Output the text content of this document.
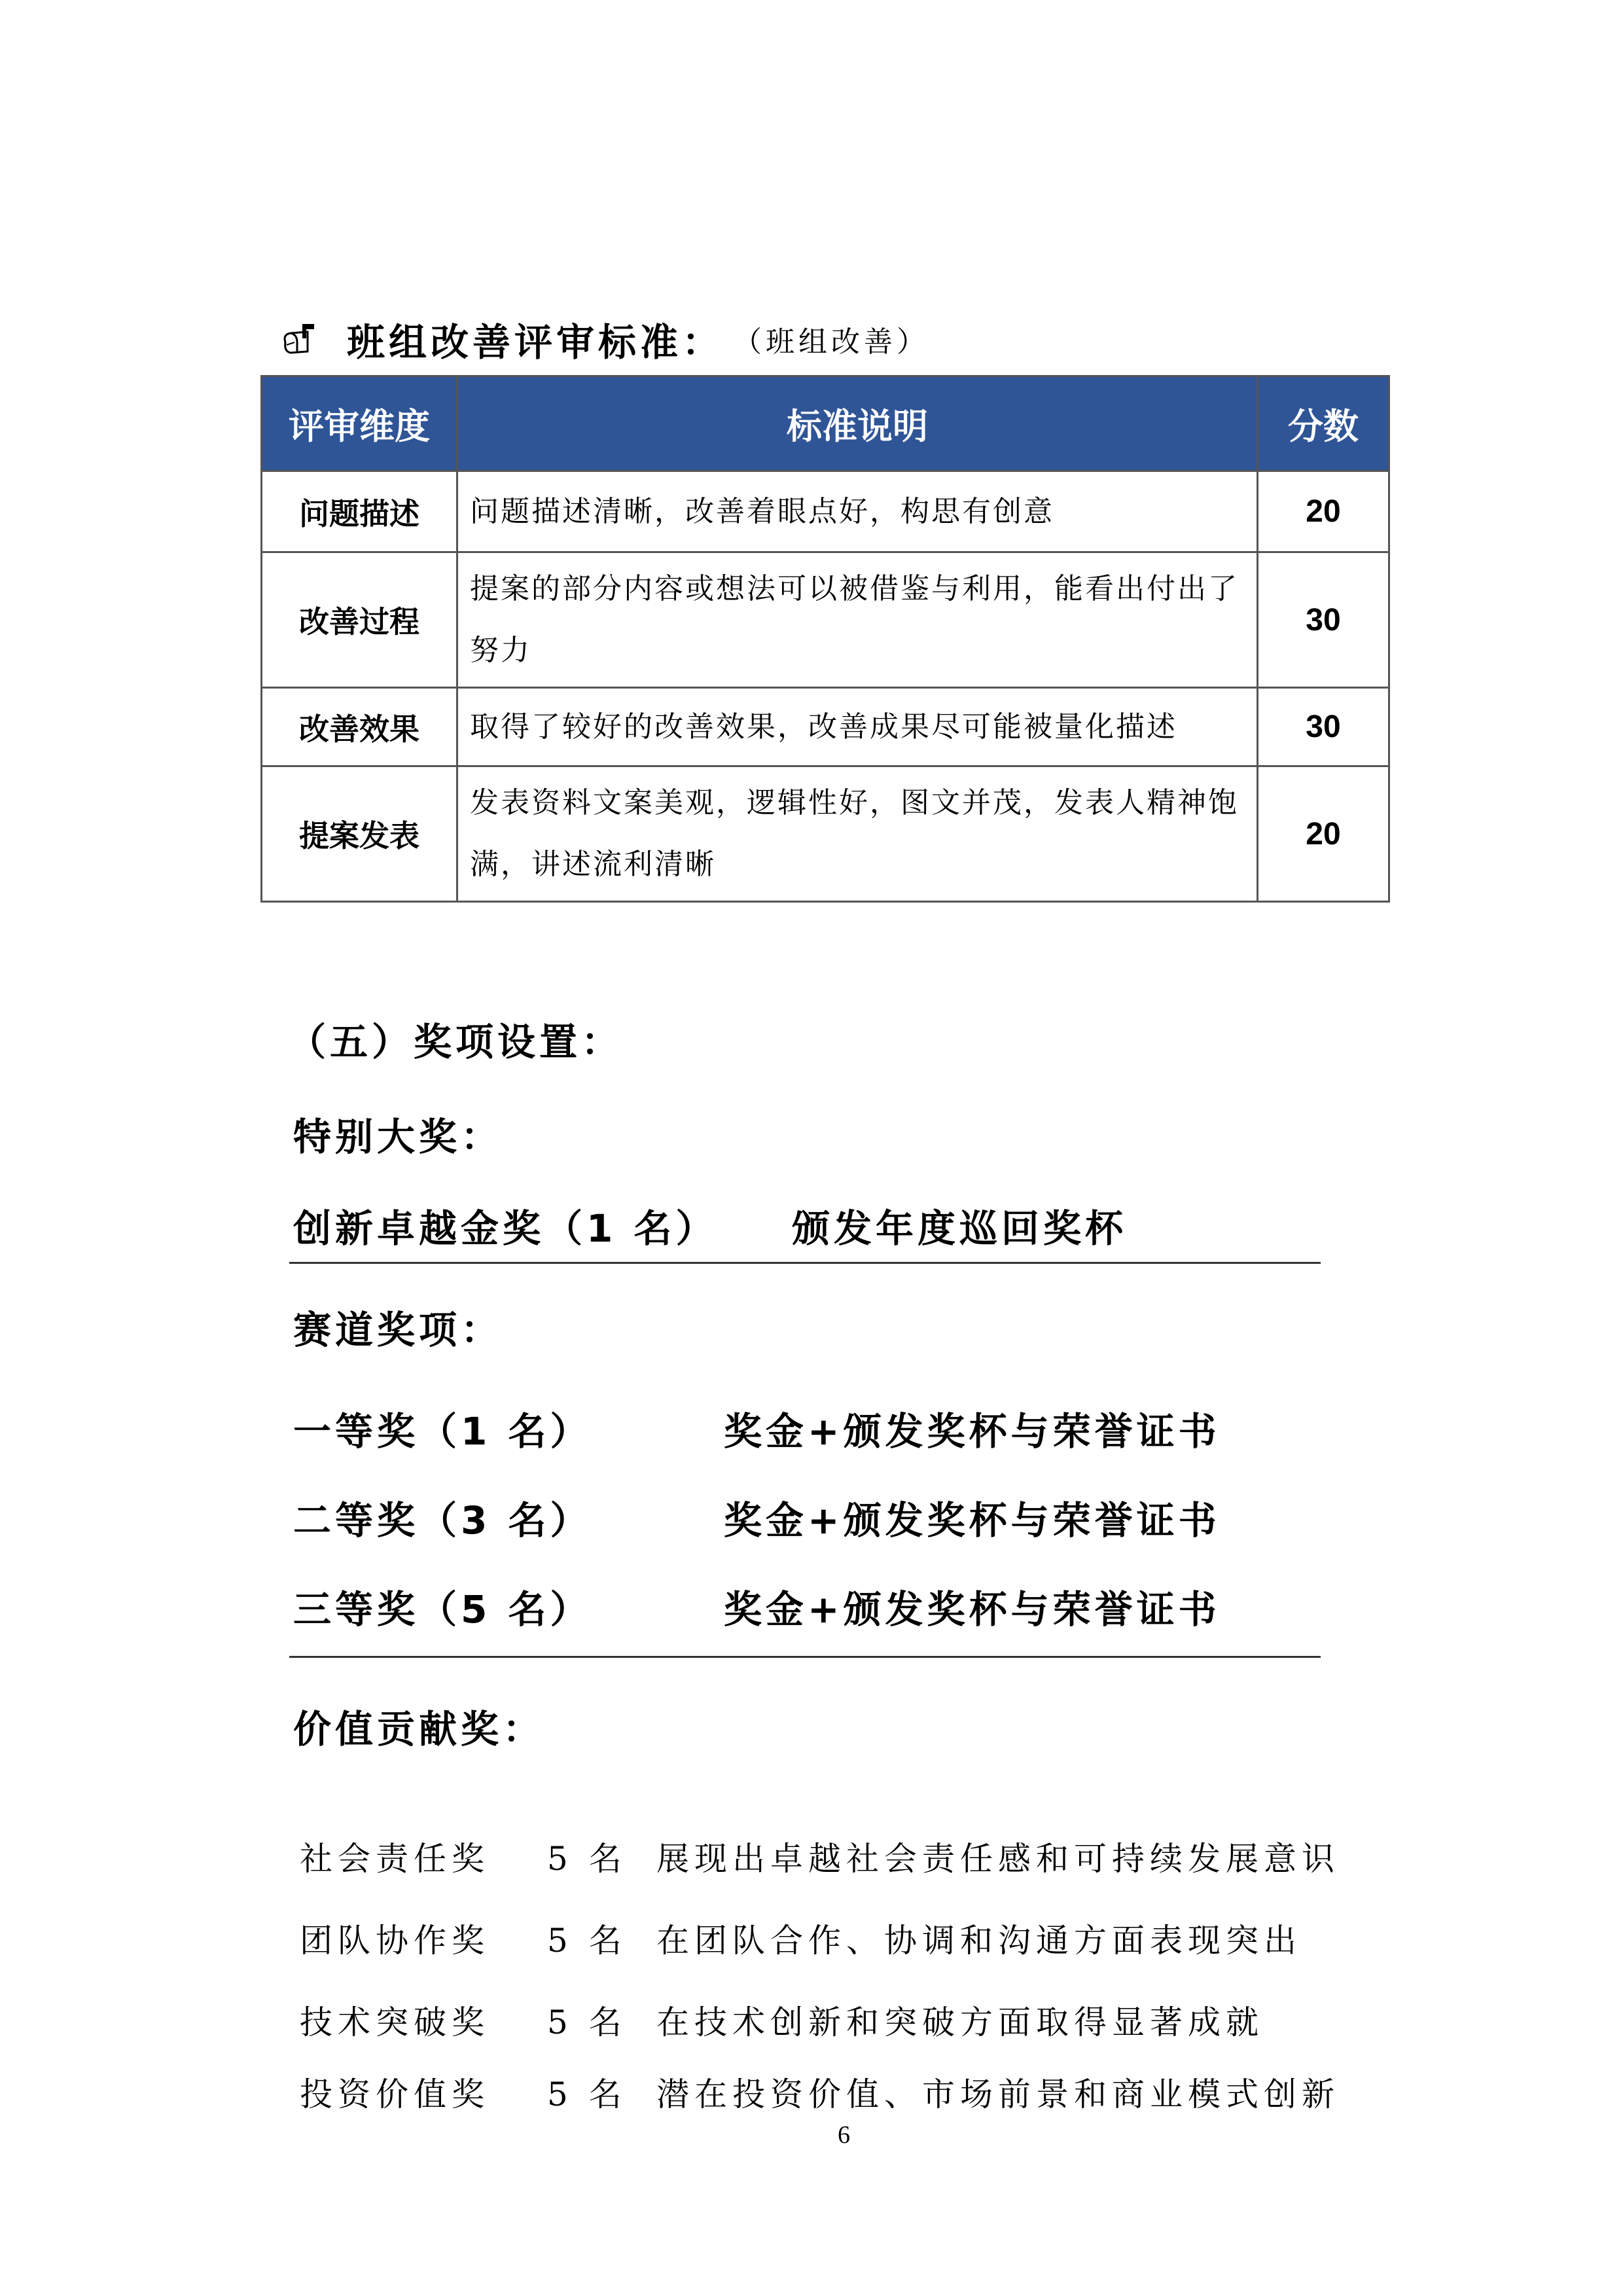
班组改善评审标准： （班组改善）
评审维度	标准说明	分数
问题描述	问题描述清晰，改善着眼点好，构思有创意	20
改善过程	提案的部分内容或想法可以被借鉴与利用，能看出付出了努力	30
改善效果	取得了较好的改善效果，改善成果尽可能被量化描述	30
提案发表	发表资料文案美观，逻辑性好，图文并茂，发表人精神饱满，讲述流利清晰	20
（五）奖项设置：
特别大奖：
创新卓越金奖（1 名） 颁发年度巡回奖杯
赛道奖项：
一等奖（1 名）	奖金+颁发奖杯与荣誉证书
二等奖（3 名）	奖金+颁发奖杯与荣誉证书
三等奖（5 名）	奖金+颁发奖杯与荣誉证书
价值贡献奖：
社会责任奖 5 名 展现出卓越社会责任感和可持续发展意识
团队协作奖 5 名 在团队合作、协调和沟通方面表现突出
技术突破奖 5 名 在技术创新和突破方面取得显著成就
投资价值奖 5 名 潜在投资价值、市场前景和商业模式创新
6
